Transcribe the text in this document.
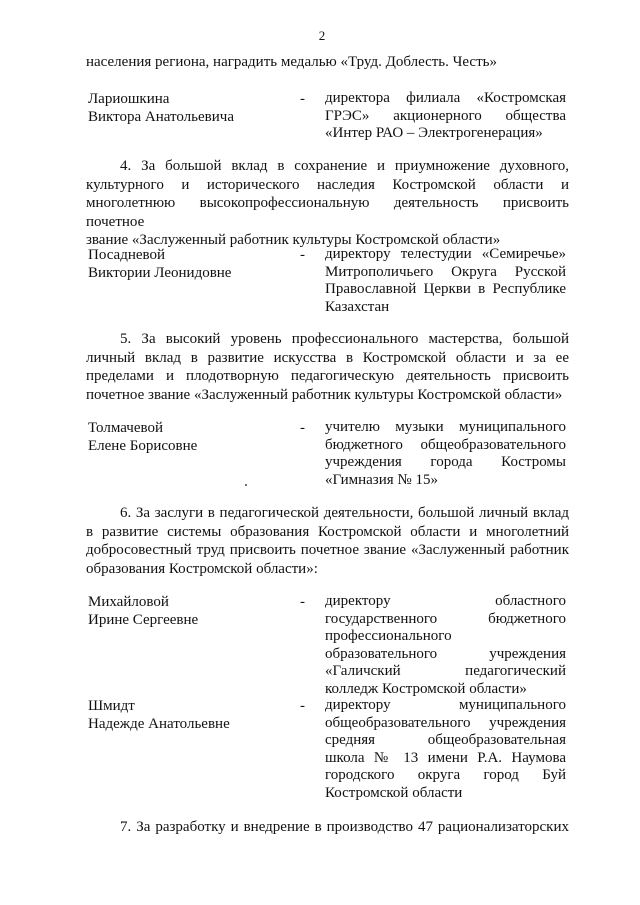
2
населения региона, наградить медалью «Труд. Доблесть. Честь»
Лариошкина
Виктора Анатольевича
- директора филиала «Костромская
ГРЭС» акционерного общества
«Интер РАО – Электрогенерация»
4. За большой вклад в сохранение и приумножение духовного,
культурного и исторического наследия Костромской области и
многолетнюю высокопрофессиональную деятельность присвоить почетное
звание «Заслуженный работник культуры Костромской области»
Посадневой
Виктории Леонидовне
- директору телестудии «Семиречье»
Митрополичьего Округа Русской
Православной Церкви в Республике
Казахстан
5. За высокий уровень профессионального мастерства, большой
личный вклад в развитие искусства в Костромской области и за ее
пределами и плодотворную педагогическую деятельность присвоить
почетное звание «Заслуженный работник культуры Костромской области»
Толмачевой
Елене Борисовне
- учителю музыки муниципального
бюджетного общеобразовательного
учреждения города Костромы
«Гимназия № 15»
6. За заслуги в педагогической деятельности, большой личный вклад
в развитие системы образования Костромской области и многолетний
добросовестный труд присвоить почетное звание «Заслуженный работник
образования Костромской области»:
Михайловой
Ирине Сергеевне
- директору областного
государственного бюджетного
профессионального
образовательного учреждения
«Галичский педагогический
колледж Костромской области»
Шмидт
Надежде Анатольевне
- директору муниципального
общеобразовательного учреждения
средняя общеобразовательная
школа № 13 имени Р.А. Наумова
городского округа город Буй
Костромской области
7. За разработку и внедрение в производство 47 рационализаторских
